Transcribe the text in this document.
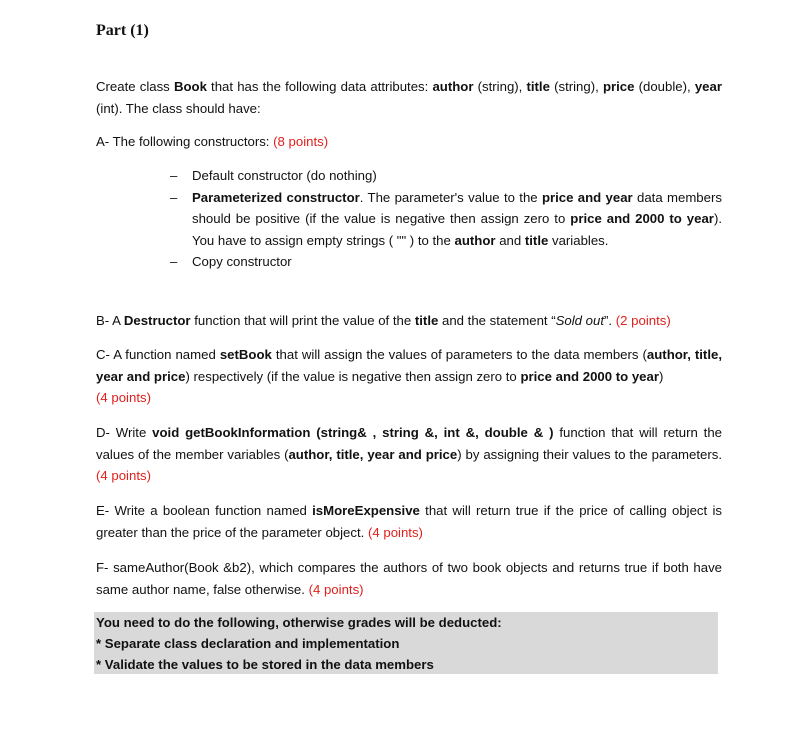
Part (1)
Create class Book that has the following data attributes: author (string), title (string), price (double), year (int). The class should have:
A- The following constructors: (8 points)
– Default constructor (do nothing)
– Parameterized constructor. The parameter's value to the price and year data members should be positive (if the value is negative then assign zero to price and 2000 to year). You have to assign empty strings ( "" ) to the author and title variables.
– Copy constructor
B- A Destructor function that will print the value of the title and the statement “Sold out”. (2 points)
C- A function named setBook that will assign the values of parameters to the data members (author, title, year and price) respectively (if the value is negative then assign zero to price and 2000 to year)
(4 points)
D- Write void getBookInformation (string& , string &, int &, double & ) function that will return the values of the member variables (author, title, year and price) by assigning their values to the parameters. (4 points)
E- Write a boolean function named isMoreExpensive that will return true if the price of calling object is greater than the price of the parameter object. (4 points)
F- sameAuthor(Book &b2), which compares the authors of two book objects and returns true if both have same author name, false otherwise. (4 points)
You need to do the following, otherwise grades will be deducted:
* Separate class declaration and implementation
* Validate the values to be stored in the data members
